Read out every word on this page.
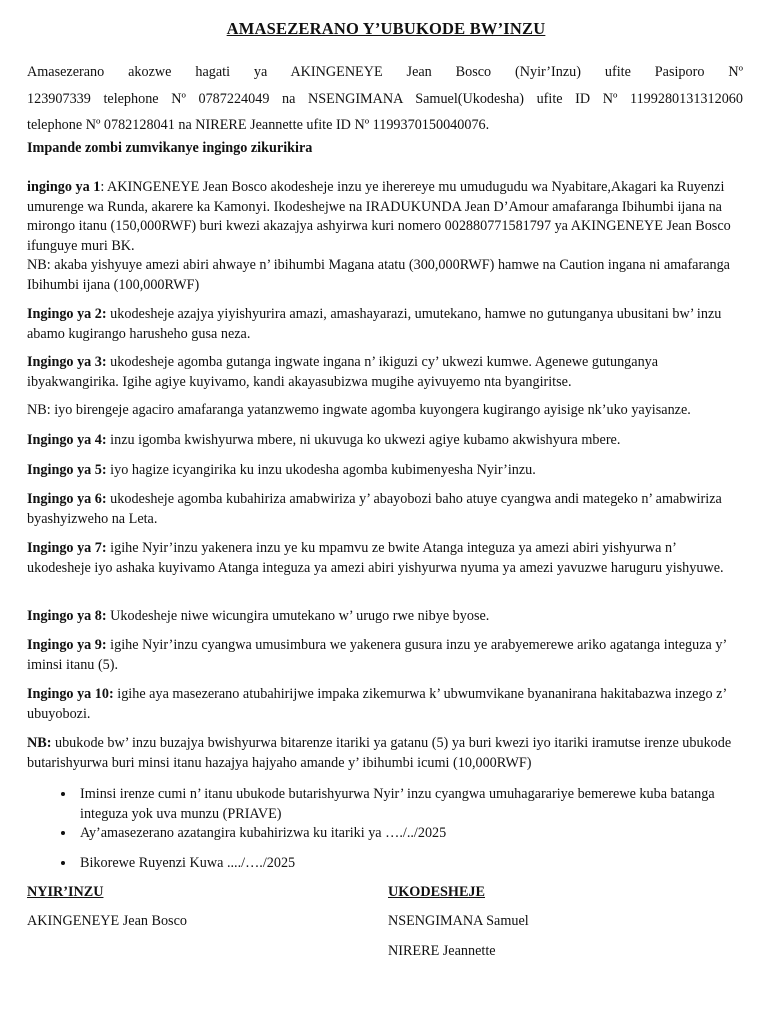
AMASEZERANO Y’UBUKODE BW’INZU
Amasezerano akozwe hagati ya AKINGENEYE Jean Bosco (Nyir’Inzu) ufite Pasiporo Nº
123907339 telephone Nº 0787224049 na NSENGIMANA Samuel(Ukodesha) ufite ID Nº 1199280131312060
telephone Nº 0782128041 na NIRERE Jeannette ufite ID Nº 1199370150040076.
Impande zombi zumvikanye ingingo zikurikira
ingingo ya 1: AKINGENEYE Jean Bosco akodesheje inzu ye iherereye mu umudugudu wa Nyabitare,Akagari ka Ruyenzi umurenge wa Runda, akarere ka Kamonyi. Ikodeshejwe na IRADUKUNDA Jean D’Amour amafaranga Ibihumbi ijana na mirongo itanu (150,000RWF) buri kwezi akazajya ashyirwa kuri nomero 002880771581797 ya AKINGENEYE Jean Bosco ifunguye muri BK.
NB: akaba yishyuye amezi abiri ahwaye n’ ibihumbi Magana atatu (300,000RWF) hamwe na Caution ingana ni amafaranga Ibihumbi ijana (100,000RWF)
Ingingo ya 2: ukodesheje azajya yiyishyurira amazi, amashayarazi, umutekano, hamwe no gutunganya ubusitani bw’ inzu abamo kugirango harusheho gusa neza.
Ingingo ya 3: ukodesheje agomba gutanga ingwate ingana n’ ikiguzi cy’ ukwezi kumwe. Agenewe gutunganya ibyakwangirika. Igihe agiye kuyivamo, kandi akayasubizwa mugihe ayivuyemo nta byangiritse.
NB: iyo birengeje agaciro amafaranga yatanzwemo ingwate agomba kuyongera kugirango ayisige nk’uko yayisanze.
Ingingo ya 4: inzu igomba kwishyurwa mbere, ni ukuvuga ko ukwezi agiye kubamo akwishyura mbere.
Ingingo ya 5: iyo hagize icyangirika ku inzu ukodesha agomba kubimenyesha Nyir’inzu.
Ingingo ya 6: ukodesheje agomba kubahiriza amabwiriza y’ abayobozi baho atuye cyangwa andi mategeko n’ amabwiriza byashyizweho na Leta.
Ingingo ya 7: igihe Nyir’inzu yakenera inzu ye ku mpamvu ze bwite Atanga integuza ya amezi abiri yishyurwa n’ ukodesheje iyo ashaka kuyivamo Atanga integuza ya amezi abiri yishyurwa nyuma ya amezi yavuzwe haruguru yishyuwe.
Ingingo ya 8: Ukodesheje niwe wicungira umutekano w’ urugo rwe nibye byose.
Ingingo ya 9: igihe Nyir’inzu cyangwa umusimbura we yakenera gusura inzu ye arabyemerewe ariko agatanga integuza y’ iminsi itanu (5).
Ingingo ya 10: igihe aya masezerano atubahirijwe impaka zikemurwa k’ ubwumvikane byananirana hakitabazwa inzego z’ ubuyobozi.
NB: ubukode bw’ inzu buzajya bwishyurwa bitarenze itariki ya gatanu (5) ya buri kwezi iyo itariki iramutse irenze ubukode butarishyurwa buri minsi itanu hazajya hajyaho amande y’ ibihumbi icumi (10,000RWF)
• Iminsi irenze cumi n’ itanu ubukode butarishyurwa Nyir’ inzu cyangwa umuhagarariye bemerewe kuba batanga integuza yok uva munzu (PRIAVE)
• Ay’amasezerano azatangira kubahirizwa ku itariki ya …./../2025
• Bikorewe Ruyenzi Kuwa ..../…./2025
NYIR’INZU	UKODESHEJE
AKINGENEYE Jean Bosco	NSENGIMANA Samuel
NIRERE Jeannette
